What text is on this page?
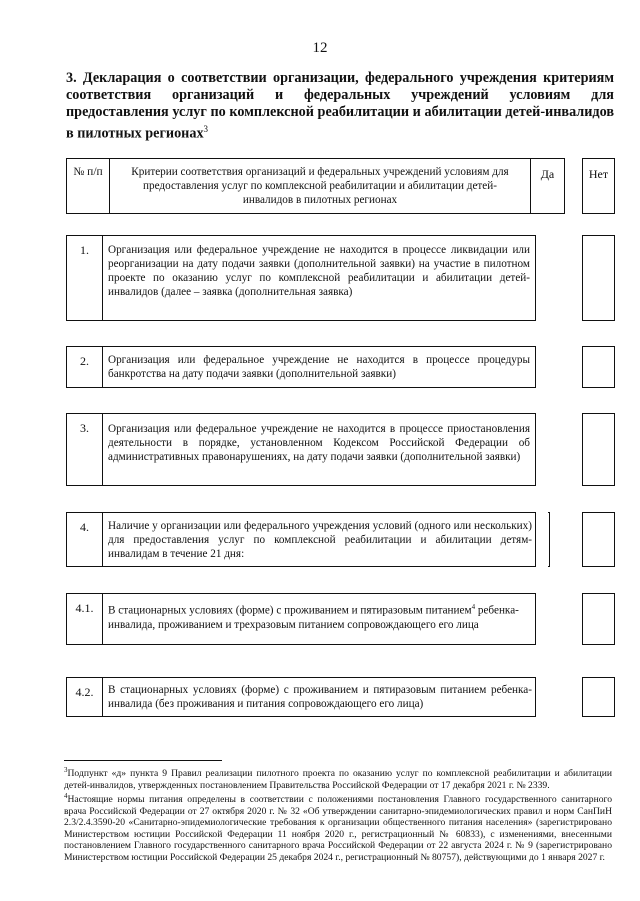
12
3. Декларация о соответствии организации, федерального учреждения критериям соответствия организаций и федеральных учреждений условиям для предоставления услуг по комплексной реабилитации и абилитации детей-инвалидов в пилотных регионах$^3$
№ п/п	Критерии соответствия организаций и федеральных учреждений условиям для предоставления услуг по комплексной реабилитации и абилитации детей-инвалидов в пилотных регионах
Да	Нет
1.	Организация или федеральное учреждение не находится в процессе ликвидации или реорганизации на дату подачи заявки (дополнительной заявки) на участие в пилотном проекте по оказанию услуг по комплексной реабилитации и абилитации детей-инвалидов (далее – заявка (дополнительная заявка)
2.	Организация или федеральное учреждение не находится в процессе процедуры банкротства на дату подачи заявки (дополнительной заявки)
3.	Организация или федеральное учреждение не находится в процессе приостановления деятельности в порядке, установленном Кодексом Российской Федерации об административных правонарушениях, на дату подачи заявки (дополнительной заявки)
4.	Наличие у организации или федерального учреждения условий (одного или нескольких) для предоставления услуг по комплексной реабилитации и абилитации детям-инвалидам в течение 21 дня:
4.1.	В стационарных условиях (форме) с проживанием и пятиразовым питанием$^4$ ребенка-инвалида, проживанием и трехразовым питанием сопровождающего его лица
4.2.	В стационарных условиях (форме) с проживанием и пятиразовым питанием ребенка-инвалида (без проживания и питания сопровождающего его лица)

$^3$Подпункт «д» пункта 9 Правил реализации пилотного проекта по оказанию услуг по комплексной реабилитации и абилитации детей-инвалидов, утвержденных постановлением Правительства Российской Федерации от 17 декабря 2021 г. № 2339.

$^4$Настоящие нормы питания определены в соответствии с положениями постановления Главного государственного санитарного врача Российской Федерации от 27 октября 2020 г. № 32 «Об утверждении санитарно-эпидемиологических правил и норм СанПиН 2.3/2.4.3590-20 «Санитарно-эпидемиологические требования к организации общественного питания населения» (зарегистрировано Министерством юстиции Российской Федерации 11 ноября 2020 г., регистрационный № 60833), с изменениями, внесенными постановлением Главного государственного санитарного врача Российской Федерации от 22 августа 2024 г. № 9 (зарегистрировано Министерством юстиции Российской Федерации 25 декабря 2024 г., регистрационный № 80757), действующими до 1 января 2027 г.
